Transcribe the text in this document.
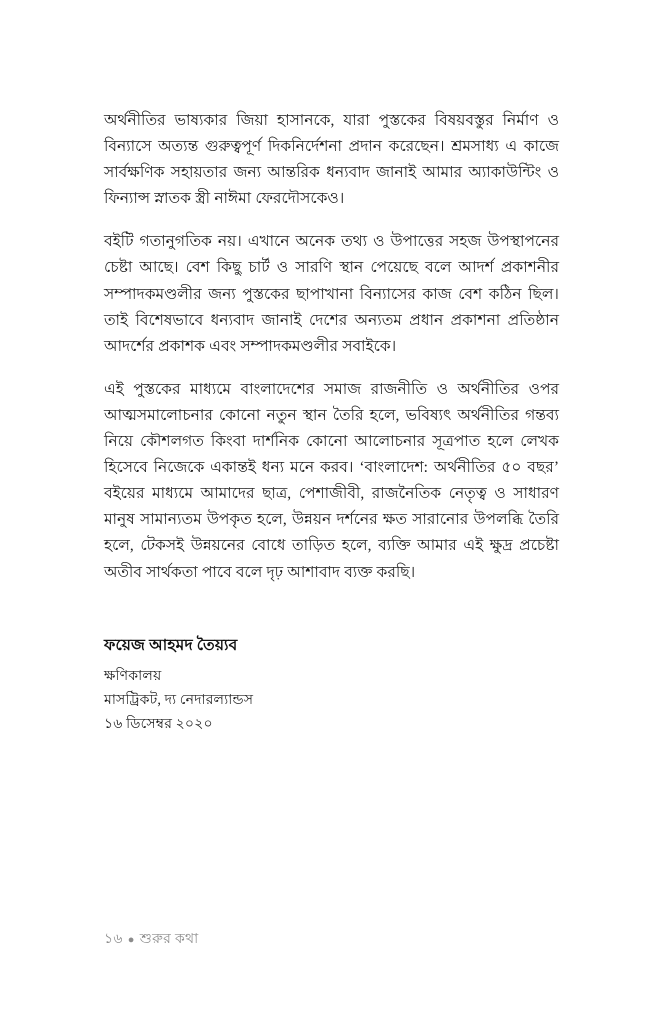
অর্থনীতির ভাষ্যকার জিয়া হাসানকে, যারা পুস্তকের বিষয়বস্তুর নির্মাণ ও বিন্যাসে অত্যন্ত গুরুত্বপূর্ণ দিকনির্দেশনা প্রদান করেছেন। শ্রমসাধ্য এ কাজে সার্বক্ষণিক সহায়তার জন্য আন্তরিক ধন্যবাদ জানাই আমার অ্যাকাউন্টিং ও ফিন্যান্স স্নাতক স্ত্রী নাঈমা ফেরদৌসকেও।

বইটি গতানুগতিক নয়। এখানে অনেক তথ্য ও উপাত্তের সহজ উপস্থাপনের চেষ্টা আছে। বেশ কিছু চার্ট ও সারণি স্থান পেয়েছে বলে আদর্শ প্রকাশনীর সম্পাদকমণ্ডলীর জন্য পুস্তকের ছাপাখানা বিন্যাসের কাজ বেশ কঠিন ছিল। তাই বিশেষভাবে ধন্যবাদ জানাই দেশের অন্যতম প্রধান প্রকাশনা প্রতিষ্ঠান আদর্শের প্রকাশক এবং সম্পাদকমণ্ডলীর সবাইকে।

এই পুস্তকের মাধ্যমে বাংলাদেশের সমাজ রাজনীতি ও অর্থনীতির ওপর আত্মসমালোচনার কোনো নতুন স্থান তৈরি হলে, ভবিষ্যৎ অর্থনীতির গন্তব্য নিয়ে কৌশলগত কিংবা দার্শনিক কোনো আলোচনার সূত্রপাত হলে লেখক হিসেবে নিজেকে একান্তই ধন্য মনে করব। ‘বাংলাদেশ: অর্থনীতির ৫০ বছর’ বইয়ের মাধ্যমে আমাদের ছাত্র, পেশাজীবী, রাজনৈতিক নেতৃত্ব ও সাধারণ মানুষ সামান্যতম উপকৃত হলে, উন্নয়ন দর্শনের ক্ষত সারানোর উপলব্ধি তৈরি হলে, টেকসই উন্নয়নের বোধে তাড়িত হলে, ব্যক্তি আমার এই ক্ষুদ্র প্রচেষ্টা অতীব সার্থকতা পাবে বলে দৃঢ় আশাবাদ ব্যক্ত করছি।

ফয়েজ আহমদ তৈয়্যব

ক্ষণিকালয়

মাসট্রিকট, দ্য নেদারল্যান্ডস

১৬ ডিসেম্বর ২০২০

১৬ ● শুরুর কথা
